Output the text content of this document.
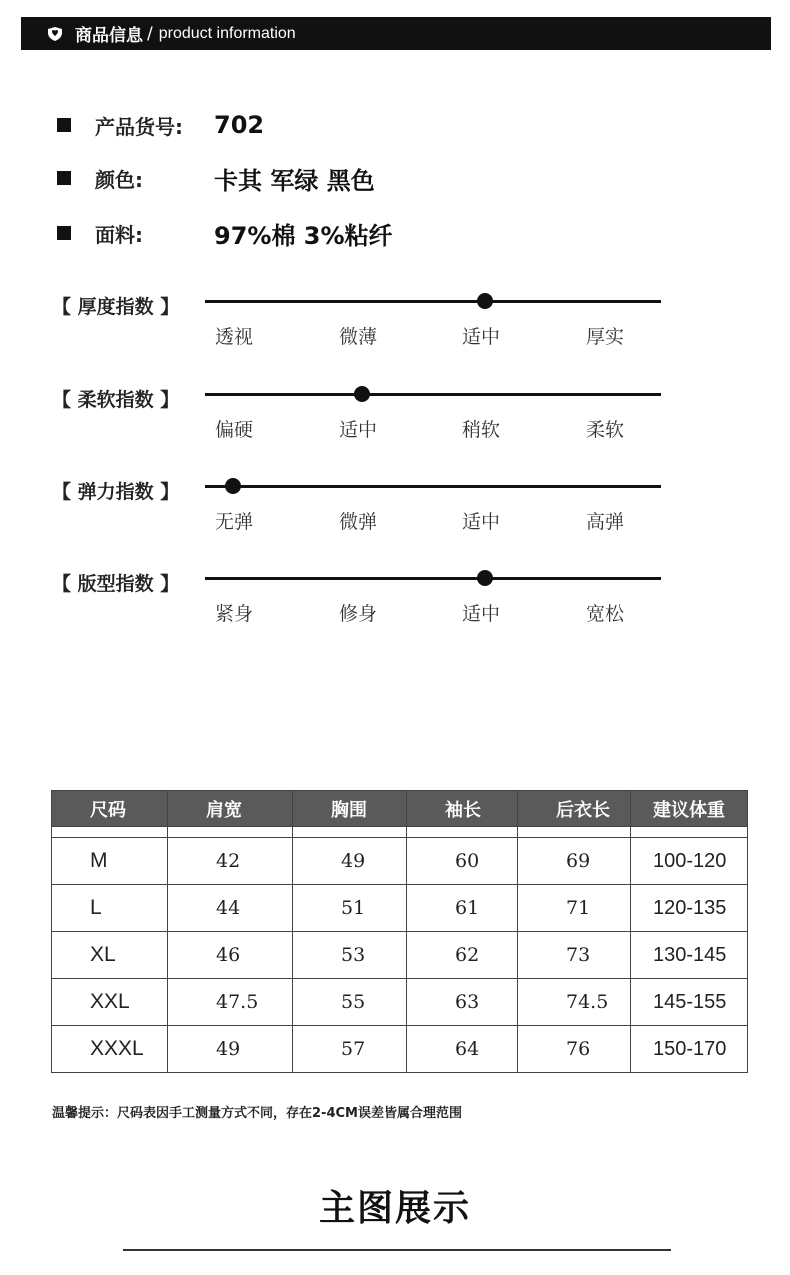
商品信息 / product information
产品货号:	702
颜色:	卡其 军绿 黑色
面料:	97%棉 3%粘纤
【 厚度指数 】
透视	微薄	适中	厚实
【 柔软指数 】
偏硬	适中	稍软	柔软
【 弹力指数 】
无弹	微弹	适中	高弹
【 版型指数 】
紧身	修身	适中	宽松
尺码	肩宽	胸围	袖长	后衣长	建议体重

M	42	49	60	69	100-120
L	44	51	61	71	120-135
XL	46	53	62	73	130-145
XXL	47.5	55	63	74.5	145-155
XXXL	49	57	64	76	150-170
温馨提示：尺码表因手工测量方式不同，存在2-4CM误差皆属合理范围
主图展示
